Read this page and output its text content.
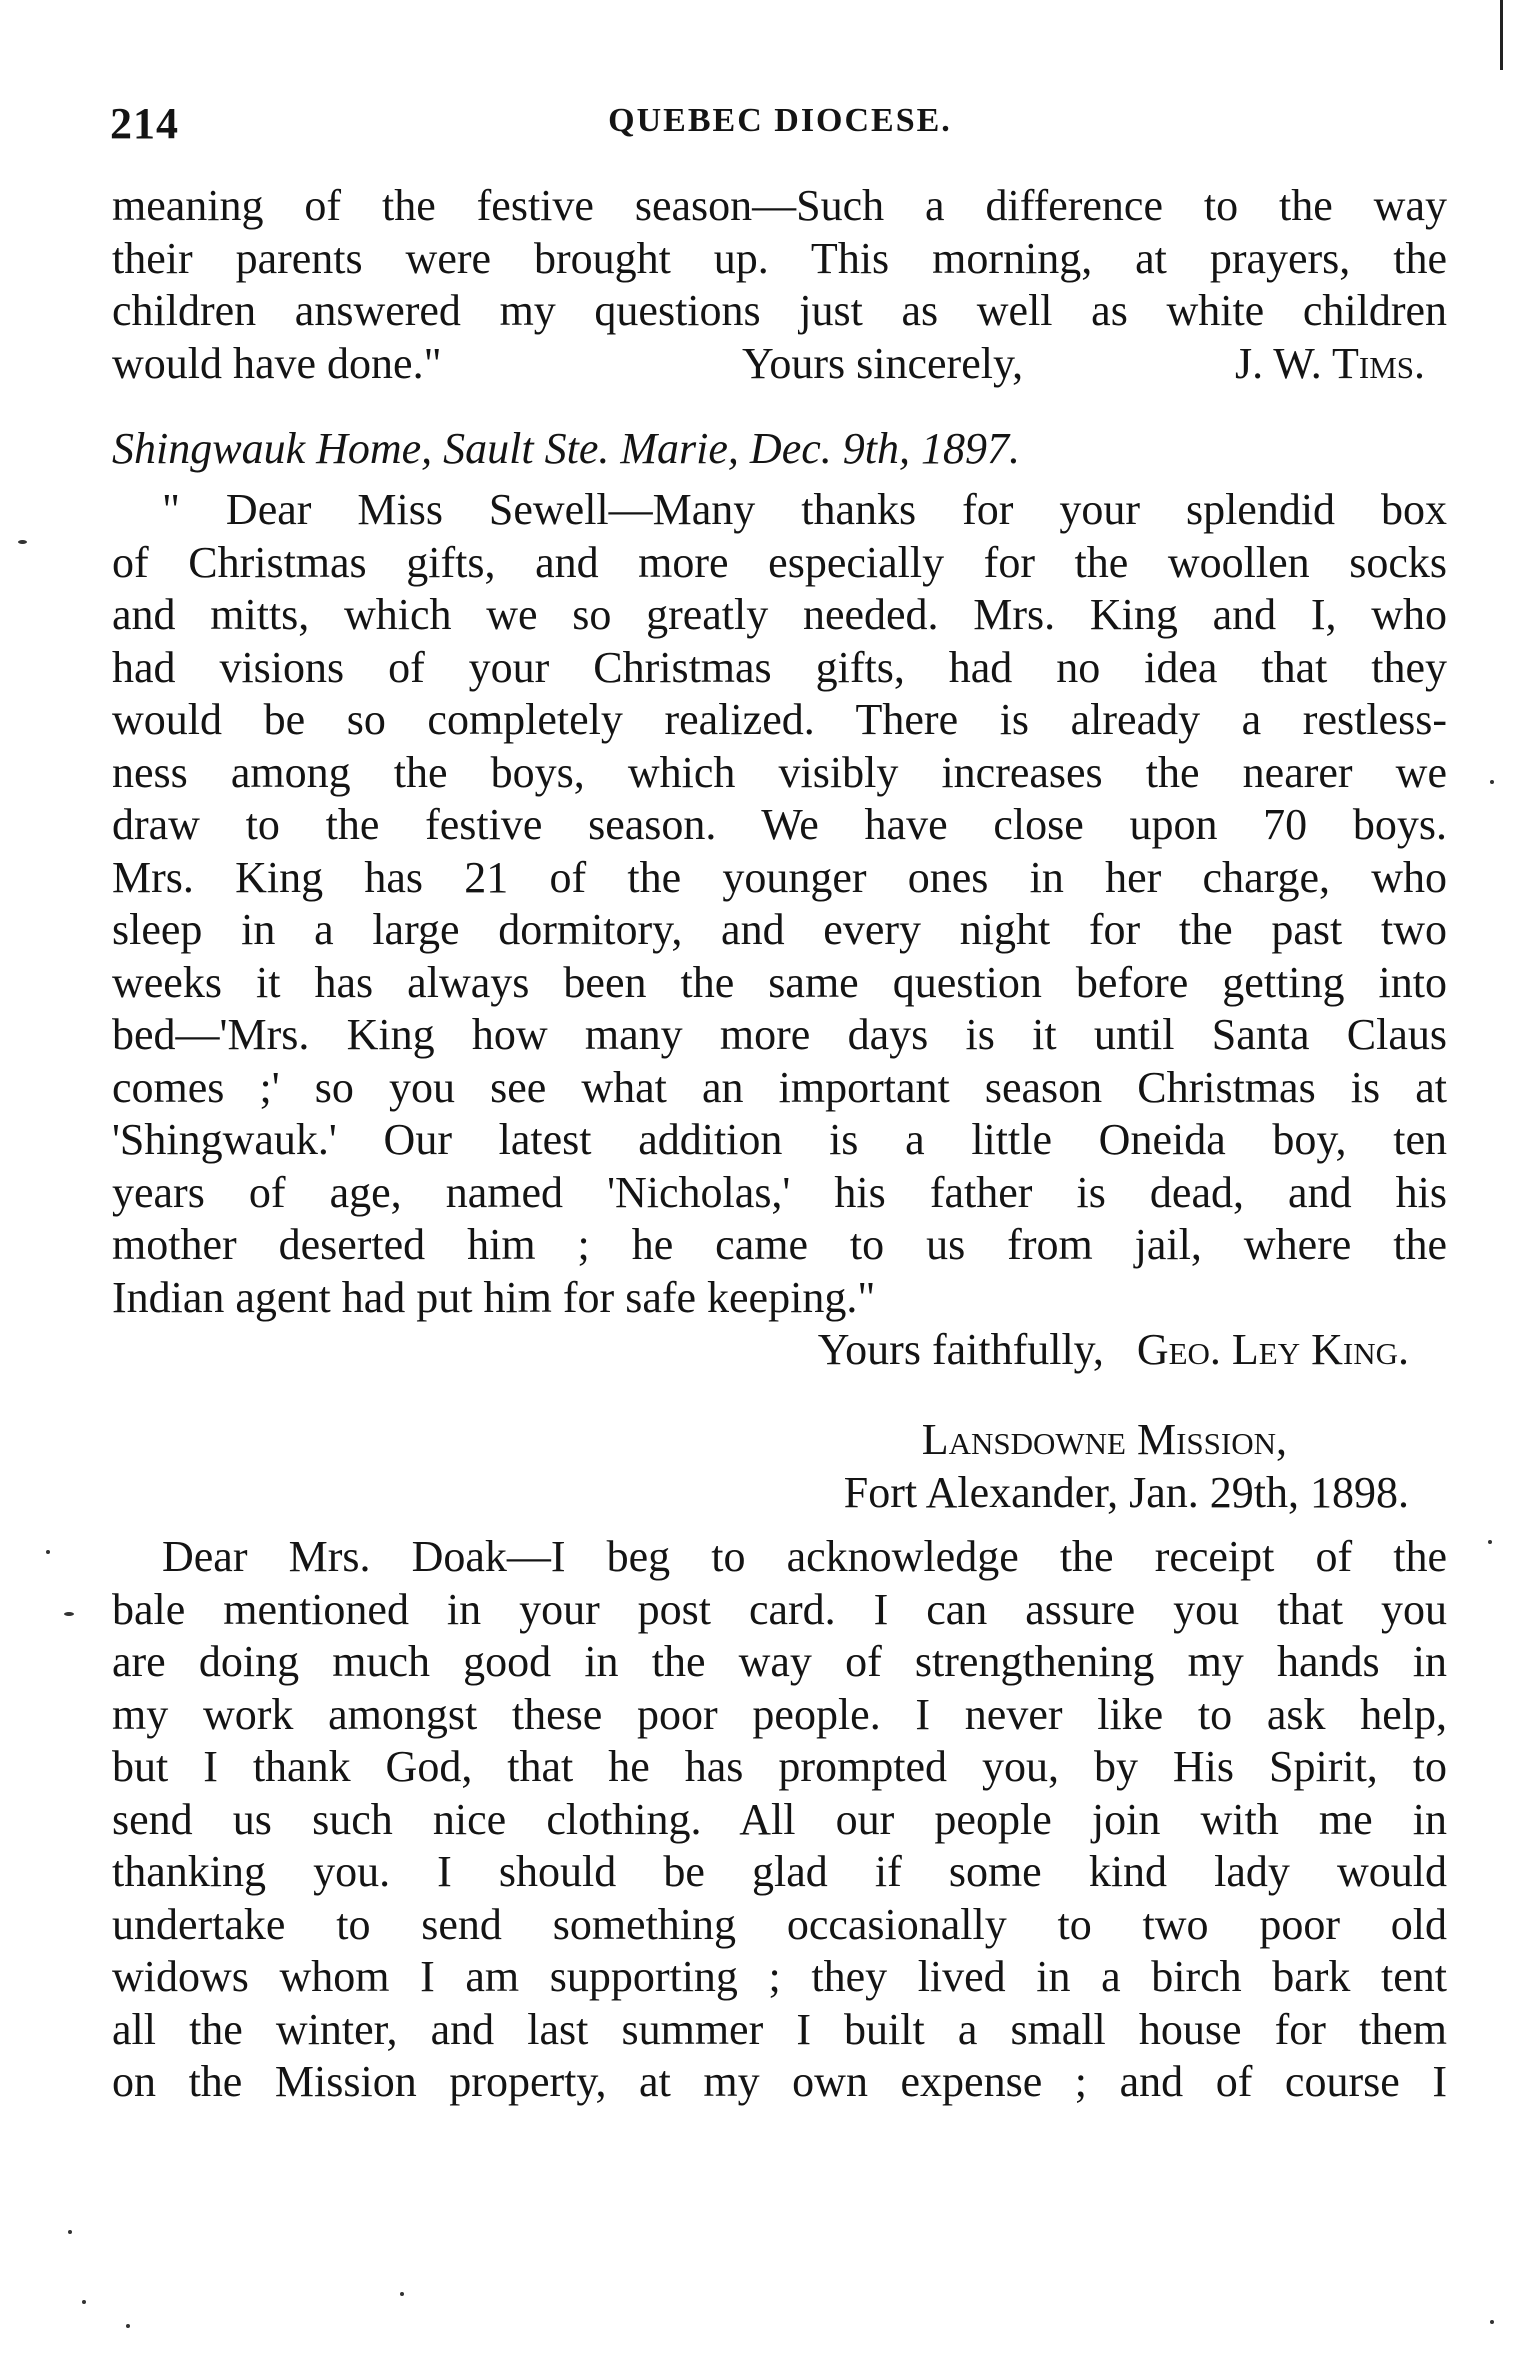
214	QUEBEC DIOCESE.
meaning of the festive season—Such a difference to the way
their parents were brought up. This morning, at prayers, the
children answered my questions just as well as white children
would have done."	Yours sincerely,	J. W. Tims.
Shingwauk Home, Sault Ste. Marie, Dec. 9th, 1897.
" Dear Miss Sewell—Many thanks for your splendid box
of Christmas gifts, and more especially for the woollen socks
and mitts, which we so greatly needed. Mrs. King and I, who
had visions of your Christmas gifts, had no idea that they
would be so completely realized. There is already a restless-
ness among the boys, which visibly increases the nearer we
draw to the festive season. We have close upon 70 boys.
Mrs. King has 21 of the younger ones in her charge, who
sleep in a large dormitory, and every night for the past two
weeks it has always been the same question before getting into
bed—'Mrs. King how many more days is it until Santa Claus
comes ;' so you see what an important season Christmas is at
'Shingwauk.' Our latest addition is a little Oneida boy, ten
years of age, named 'Nicholas,' his father is dead, and his
mother deserted him ; he came to us from jail, where the
Indian agent had put him for safe keeping."
Yours faithfully, Geo. Ley King.
Lansdowne Mission,
Fort Alexander, Jan. 29th, 1898.
Dear Mrs. Doak—I beg to acknowledge the receipt of the
bale mentioned in your post card. I can assure you that you
are doing much good in the way of strengthening my hands in
my work amongst these poor people. I never like to ask help,
but I thank God, that he has prompted you, by His Spirit, to
send us such nice clothing. All our people join with me in
thanking you. I should be glad if some kind lady would
undertake to send something occasionally to two poor old
widows whom I am supporting ; they lived in a birch bark tent
all the winter, and last summer I built a small house for them
on the Mission property, at my own expense ; and of course I
